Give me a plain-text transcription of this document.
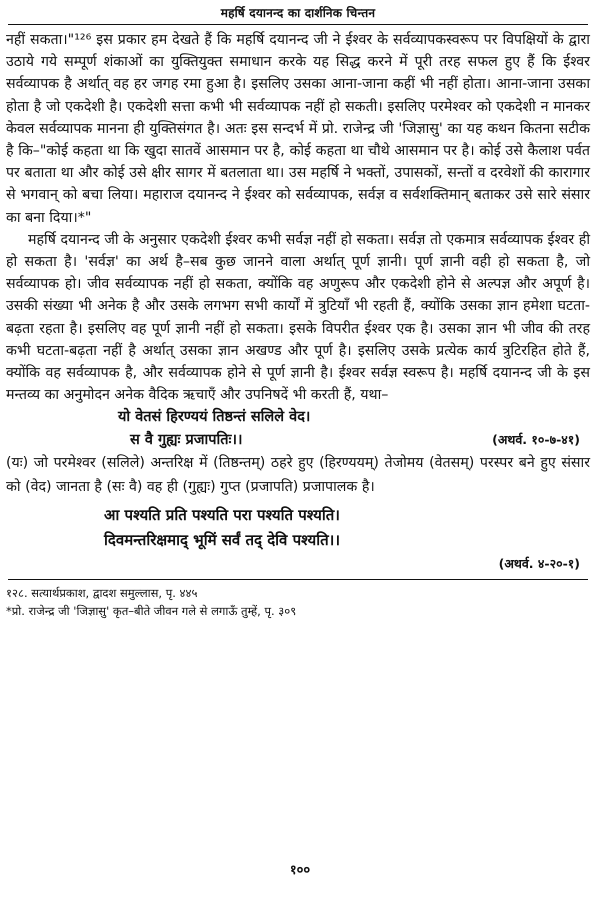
महर्षि दयानन्द का दार्शनिक चिन्तन

नहीं सकता।"¹²⁶ इस प्रकार हम देखते हैं कि महर्षि दयानन्द जी ने ईश्वर के सर्वव्यापकस्वरूप पर विपक्षियों के द्वारा उठाये गये सम्पूर्ण शंकाओं का युक्तियुक्त समाधान करके यह सिद्ध करने में पूरी तरह सफल हुए हैं कि ईश्वर सर्वव्यापक है अर्थात् वह हर जगह रमा हुआ है। इसलिए उसका आना-जाना कहीं भी नहीं होता। आना-जाना उसका होता है जो एकदेशी है। एकदेशी सत्ता कभी भी सर्वव्यापक नहीं हो सकती। इसलिए परमेश्वर को एकदेशी न मानकर केवल सर्वव्यापक मानना ही युक्तिसंगत है। अतः इस सन्दर्भ में प्रो. राजेन्द्र जी 'जिज्ञासु' का यह कथन कितना सटीक है कि–"कोई कहता था कि खुदा सातवें आसमान पर है, कोई कहता था चौथे आसमान पर है। कोई उसे कैलाश पर्वत पर बताता था और कोई उसे क्षीर सागर में बतलाता था। उस महर्षि ने भक्तों, उपासकों, सन्तों व दरवेशों की कारागार से भगवान् को बचा लिया। महाराज दयानन्द ने ईश्वर को सर्वव्यापक, सर्वज्ञ व सर्वशक्तिमान् बताकर उसे सारे संसार का बना दिया।*"

महर्षि दयानन्द जी के अनुसार एकदेशी ईश्वर कभी सर्वज्ञ नहीं हो सकता। सर्वज्ञ तो एकमात्र सर्वव्यापक ईश्वर ही हो सकता है। 'सर्वज्ञ' का अर्थ है–सब कुछ जानने वाला अर्थात् पूर्ण ज्ञानी। पूर्ण ज्ञानी वही हो सकता है, जो सर्वव्यापक हो। जीव सर्वव्यापक नहीं हो सकता, क्योंकि वह अणुरूप और एकदेशी होने से अल्पज्ञ और अपूर्ण है। उसकी संख्या भी अनेक है और उसके लगभग सभी कार्यों में त्रुटियाँ भी रहती हैं, क्योंकि उसका ज्ञान हमेशा घटता-बढ़ता रहता है। इसलिए वह पूर्ण ज्ञानी नहीं हो सकता। इसके विपरीत ईश्वर एक है। उसका ज्ञान भी जीव की तरह कभी घटता-बढ़ता नहीं है अर्थात् उसका ज्ञान अखण्ड और पूर्ण है। इसलिए उसके प्रत्येक कार्य त्रुटिरहित होते हैं, क्योंकि वह सर्वव्यापक है, और सर्वव्यापक होने से पूर्ण ज्ञानी है। ईश्वर सर्वज्ञ स्वरूप है। महर्षि दयानन्द जी के इस मन्तव्य का अनुमोदन अनेक वैदिक ऋचाएँ और उपनिषदें भी करती हैं, यथा–

यो वेतसं हिरण्ययं तिष्ठन्तं सलिले वेद।

स वै गुह्यः प्रजापतिः।।	(अथर्व. १०-७-४१)

(यः) जो परमेश्वर (सलिले) अन्तरिक्ष में (तिष्ठन्तम्) ठहरे हुए (हिरण्ययम्) तेजोमय (वेतसम्) परस्पर बने हुए संसार को (वेद) जानता है (सः वै) वह ही (गुह्यः) गुप्त (प्रजापति) प्रजापालक है।

आ पश्यति प्रति पश्यति परा पश्यति पश्यति।

दिवमन्तरिक्षमाद् भूमिं सर्वं तद् देवि पश्यति।।

(अथर्व. ४-२०-१)

१२८. सत्यार्थप्रकाश, द्वादश समुल्लास, पृ. ४४५

*प्रो. राजेन्द्र जी 'जिज्ञासु' कृत–बीते जीवन गले से लगाऊँ तुम्हें, पृ. ३०९

१००
